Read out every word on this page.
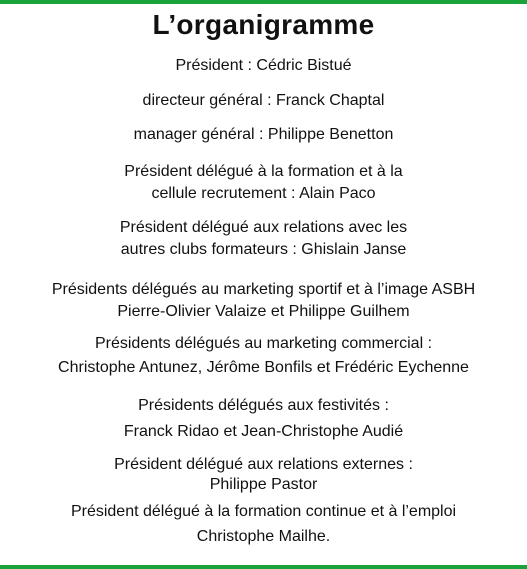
L’organigramme
Président : Cédric Bistué
directeur général : Franck Chaptal
manager général : Philippe Benetton
Président délégué à la formation et à la
cellule recrutement : Alain Paco
Président délégué aux relations avec les
autres clubs formateurs : Ghislain Janse
Présidents délégués au marketing sportif et à l’image ASBH
Pierre-Olivier Valaize et Philippe Guilhem
Présidents délégués au marketing commercial :
Christophe Antunez, Jérôme Bonfils et Frédéric Eychenne
Présidents délégués aux festivités :
Franck Ridao et Jean-Christophe Audié
Président délégué aux relations externes :
Philippe Pastor
Président délégué à la formation continue et à l’emploi
Christophe Mailhe.
